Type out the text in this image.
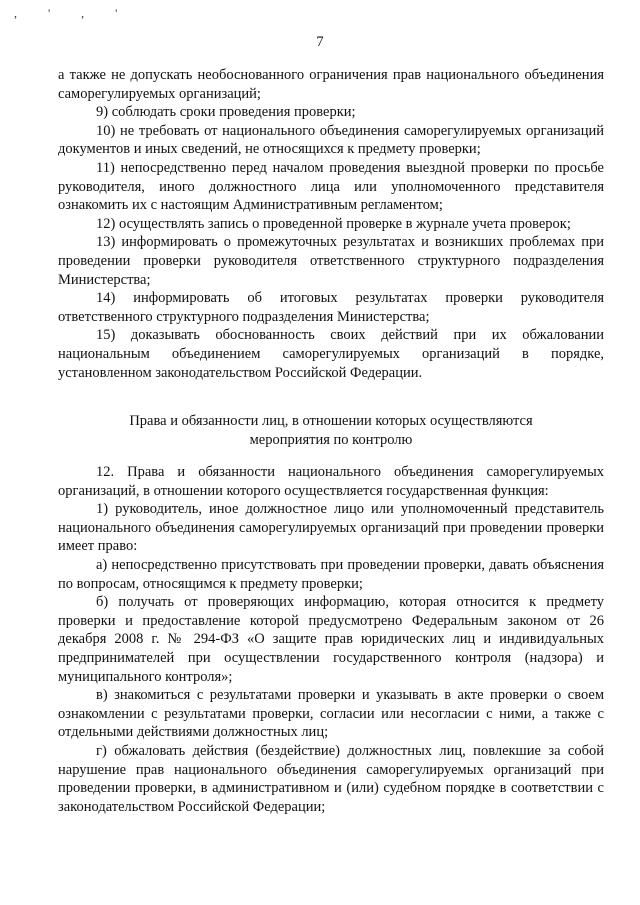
, ' , '
7

а также не допускать необоснованного ограничения прав национального объединения саморегулируемых организаций;

9) соблюдать сроки проведения проверки;

10) не требовать от национального объединения саморегулируемых организаций документов и иных сведений, не относящихся к предмету проверки;

11) непосредственно перед началом проведения выездной проверки по просьбе руководителя, иного должностного лица или уполномоченного представителя ознакомить их с настоящим Административным регламентом;

12) осуществлять запись о проведенной проверке в журнале учета проверок;

13) информировать о промежуточных результатах и возникших проблемах при проведении проверки руководителя ответственного структурного подразделения Министерства;

14) информировать об итоговых результатах проверки руководителя ответственного структурного подразделения Министерства;

15) доказывать обоснованность своих действий при их обжаловании национальным объединением саморегулируемых организаций в порядке, установленном законодательством Российской Федерации.

Права и обязанности лиц, в отношении которых осуществляются
мероприятия по контролю

12. Права и обязанности национального объединения саморегулируемых организаций, в отношении которого осуществляется государственная функция:

1) руководитель, иное должностное лицо или уполномоченный представитель национального объединения саморегулируемых организаций при проведении проверки имеет право:

а) непосредственно присутствовать при проведении проверки, давать объяснения по вопросам, относящимся к предмету проверки;

б) получать от проверяющих информацию, которая относится к предмету проверки и предоставление которой предусмотрено Федеральным законом от 26 декабря 2008 г. № 294-ФЗ «О защите прав юридических лиц и индивидуальных предпринимателей при осуществлении государственного контроля (надзора) и муниципального контроля»;

в) знакомиться с результатами проверки и указывать в акте проверки о своем ознакомлении с результатами проверки, согласии или несогласии с ними, а также с отдельными действиями должностных лиц;

г) обжаловать действия (бездействие) должностных лиц, повлекшие за собой нарушение прав национального объединения саморегулируемых организаций при проведении проверки, в административном и (или) судебном порядке в соответствии с законодательством Российской Федерации;
